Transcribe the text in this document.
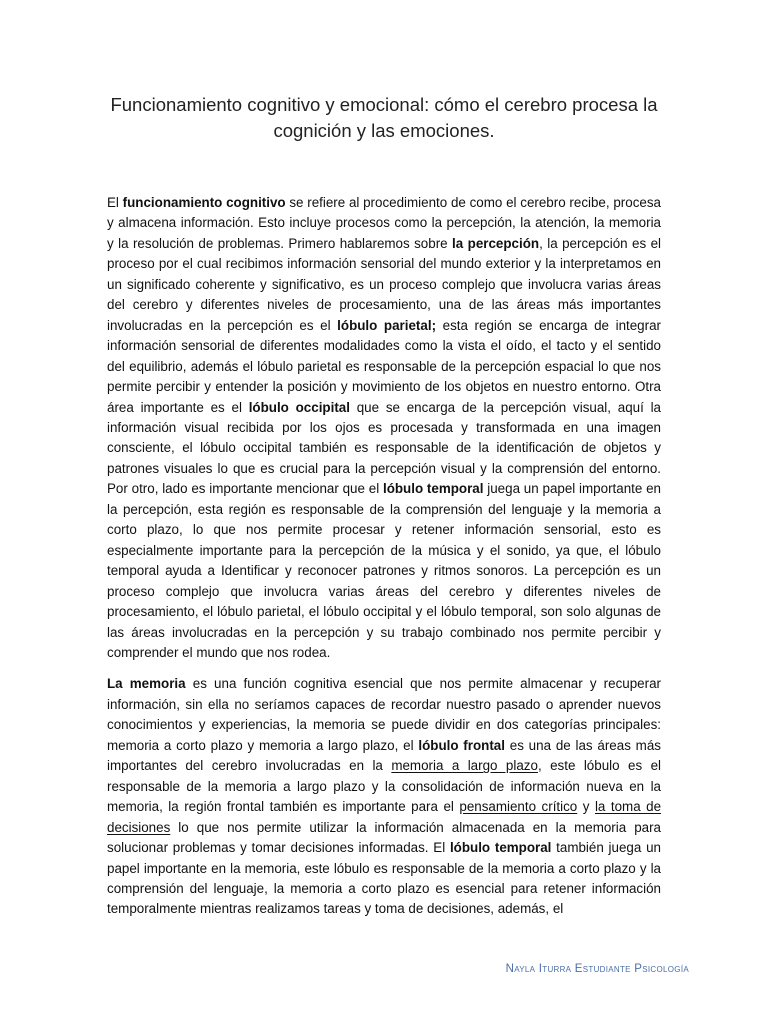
Funcionamiento cognitivo y emocional: cómo el cerebro procesa la cognición y las emociones.

El funcionamiento cognitivo se refiere al procedimiento de como el cerebro recibe, procesa y almacena información. Esto incluye procesos como la percepción, la atención, la memoria y la resolución de problemas. Primero hablaremos sobre la percepción, la percepción es el proceso por el cual recibimos información sensorial del mundo exterior y la interpretamos en un significado coherente y significativo, es un proceso complejo que involucra varias áreas del cerebro y diferentes niveles de procesamiento, una de las áreas más importantes involucradas en la percepción es el lóbulo parietal; esta región se encarga de integrar información sensorial de diferentes modalidades como la vista el oído, el tacto y el sentido del equilibrio, además el lóbulo parietal es responsable de la percepción espacial lo que nos permite percibir y entender la posición y movimiento de los objetos en nuestro entorno. Otra área importante es el lóbulo occipital que se encarga de la percepción visual, aquí la información visual recibida por los ojos es procesada y transformada en una imagen consciente, el lóbulo occipital también es responsable de la identificación de objetos y patrones visuales lo que es crucial para la percepción visual y la comprensión del entorno. Por otro, lado es importante mencionar que el lóbulo temporal juega un papel importante en la percepción, esta región es responsable de la comprensión del lenguaje y la memoria a corto plazo, lo que nos permite procesar y retener información sensorial, esto es especialmente importante para la percepción de la música y el sonido, ya que, el lóbulo temporal ayuda a Identificar y reconocer patrones y ritmos sonoros. La percepción es un proceso complejo que involucra varias áreas del cerebro y diferentes niveles de procesamiento, el lóbulo parietal, el lóbulo occipital y el lóbulo temporal, son solo algunas de las áreas involucradas en la percepción y su trabajo combinado nos permite percibir y comprender el mundo que nos rodea.

La memoria es una función cognitiva esencial que nos permite almacenar y recuperar información, sin ella no seríamos capaces de recordar nuestro pasado o aprender nuevos conocimientos y experiencias, la memoria se puede dividir en dos categorías principales: memoria a corto plazo y memoria a largo plazo, el lóbulo frontal es una de las áreas más importantes del cerebro involucradas en la memoria a largo plazo, este lóbulo es el responsable de la memoria a largo plazo y la consolidación de información nueva en la memoria, la región frontal también es importante para el pensamiento crítico y la toma de decisiones lo que nos permite utilizar la información almacenada en la memoria para solucionar problemas y tomar decisiones informadas. El lóbulo temporal también juega un papel importante en la memoria, este lóbulo es responsable de la memoria a corto plazo y la comprensión del lenguaje, la memoria a corto plazo es esencial para retener información temporalmente mientras realizamos tareas y toma de decisiones, además, el

Nayla Iturra Estudiante Psicología
